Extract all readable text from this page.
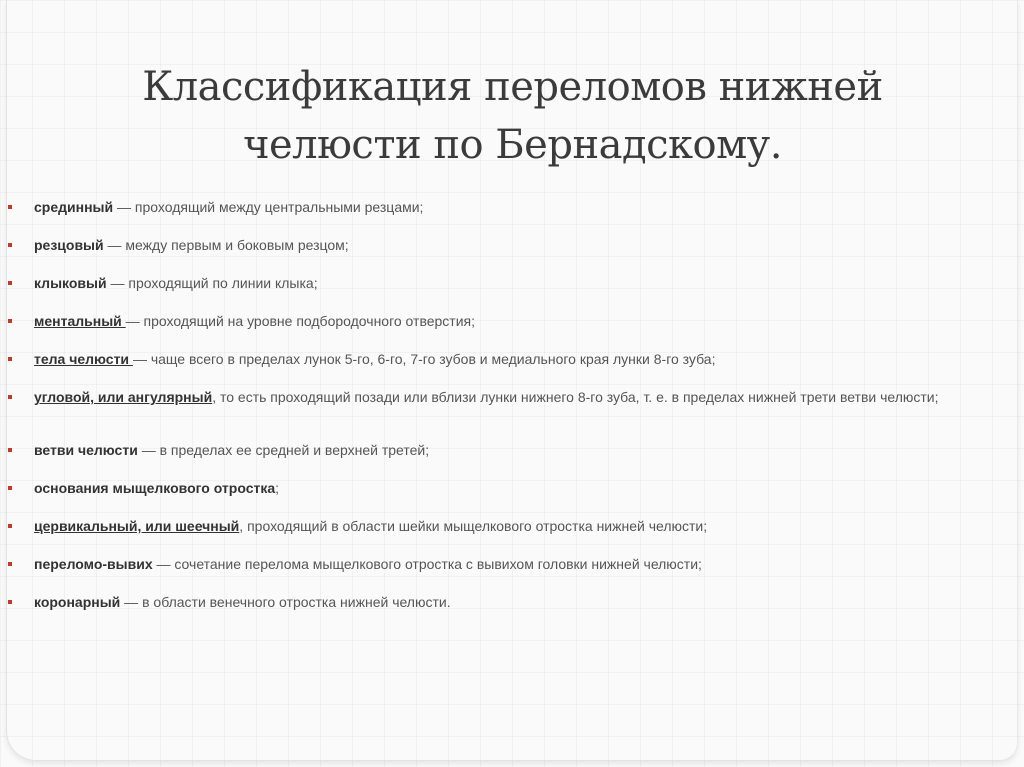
Классификация переломов нижней челюсти по Бернадскому.

срединный — проходящий между центральными резцами;

резцовый — между первым и боковым резцом;

клыковый — проходящий по линии клыка;

ментальный — проходящий на уровне подбородочного отверстия;

тела челюсти — чаще всего в пределах лунок 5-го, 6-го, 7-го зубов и медиального края лунки 8-го зуба;

угловой, или ангулярный, то есть проходящий позади или вблизи лунки нижнего 8-го зуба, т. е. в пределах нижней трети ветви челюсти;

ветви челюсти — в пределах ее средней и верхней третей;

основания мыщелкового отростка;

цервикальный, или шеечный, проходящий в области шейки мыщелкового отростка нижней челюсти;

переломо-вывих — сочетание перелома мыщелкового отростка с вывихом головки нижней челюсти;

коронарный — в области венечного отростка нижней челюсти.
